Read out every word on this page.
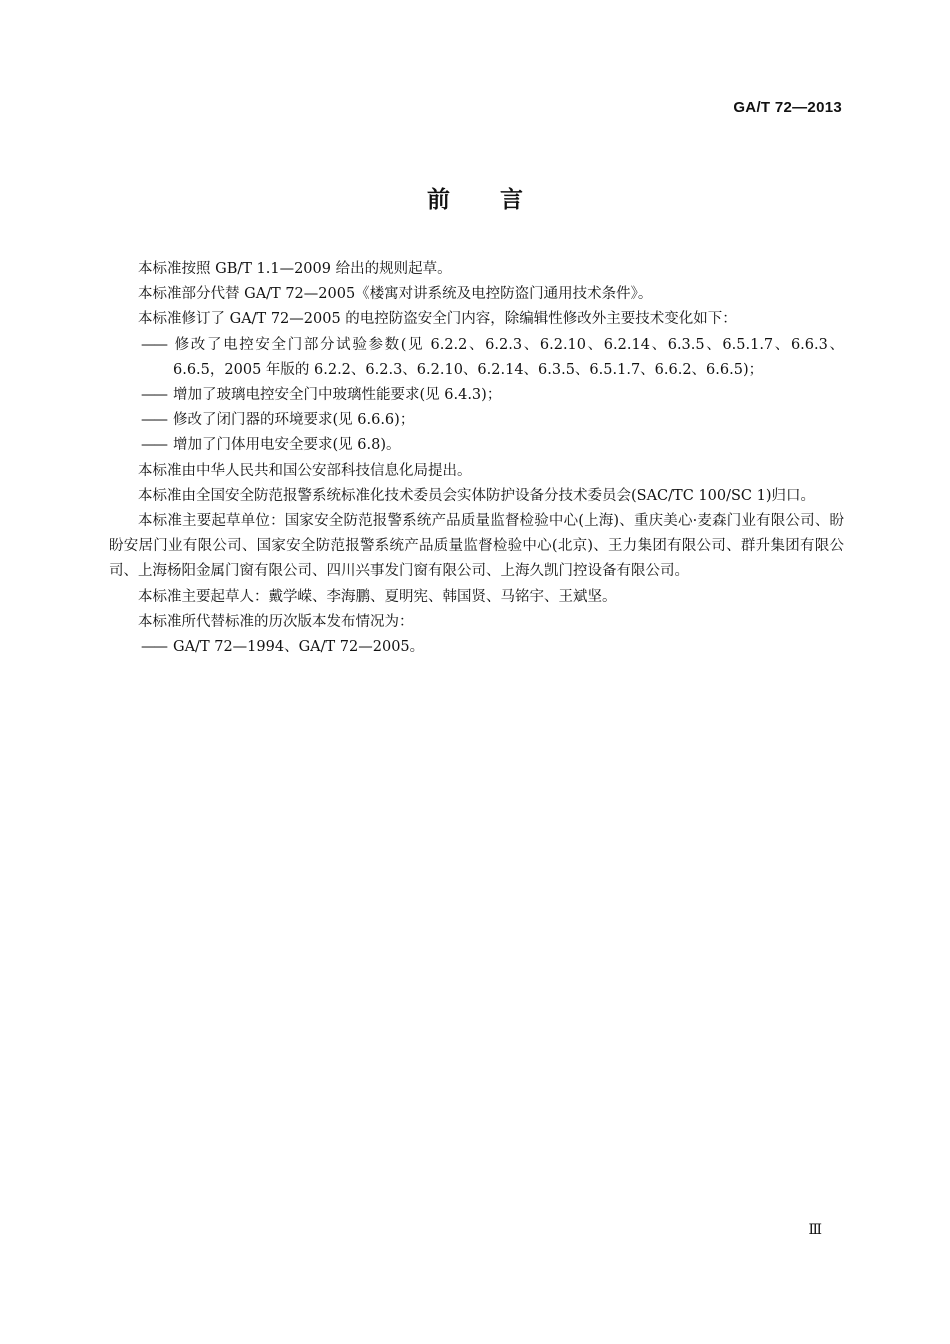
GA/T 72—2013
前 言

本标准按照 GB/T 1.1—2009 给出的规则起草。

本标准部分代替 GA/T 72—2005《楼寓对讲系统及电控防盗门通用技术条件》。

本标准修订了 GA/T 72—2005 的电控防盗安全门内容，除编辑性修改外主要技术变化如下：

—— 修改了电控安全门部分试验参数(见 6.2.2、6.2.3、6.2.10、6.2.14、6.3.5、6.5.1.7、6.6.3、6.6.5，2005 年版的 6.2.2、6.2.3、6.2.10、6.2.14、6.3.5、6.5.1.7、6.6.2、6.6.5)；

—— 增加了玻璃电控安全门中玻璃性能要求(见 6.4.3)；

—— 修改了闭门器的环境要求(见 6.6.6)；

—— 增加了门体用电安全要求(见 6.8)。

本标准由中华人民共和国公安部科技信息化局提出。

本标准由全国安全防范报警系统标准化技术委员会实体防护设备分技术委员会(SAC/TC 100/SC 1)归口。

本标准主要起草单位：国家安全防范报警系统产品质量监督检验中心(上海)、重庆美心·麦森门业有限公司、盼盼安居门业有限公司、国家安全防范报警系统产品质量监督检验中心(北京)、王力集团有限公司、群升集团有限公司、上海杨阳金属门窗有限公司、四川兴事发门窗有限公司、上海久凯门控设备有限公司。

本标准主要起草人：戴学嵘、李海鹏、夏明宪、韩国贤、马铭宇、王斌坚。

本标准所代替标准的历次版本发布情况为：

—— GA/T 72—1994、GA/T 72—2005。

Ⅲ
